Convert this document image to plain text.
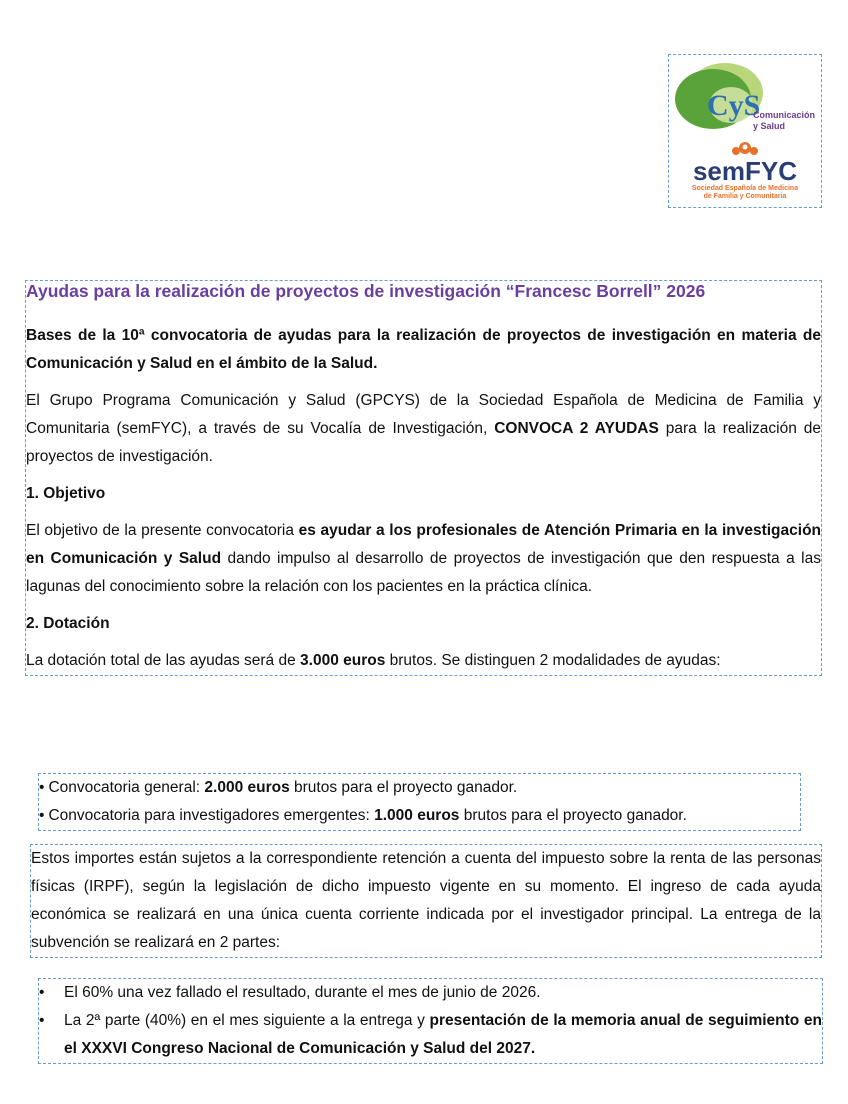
CyS
Comunicación
y Salud
semFYC
Sociedad Española de Medicina
de Familia y Comunitaria
Ayudas para la realización de proyectos de investigación “Francesc Borrell” 2026

Bases de la 10ª convocatoria de ayudas para la realización de proyectos de investigación en materia de Comunicación y Salud en el ámbito de la Salud.

El Grupo Programa Comunicación y Salud (GPCYS) de la Sociedad Española de Medicina de Familia y Comunitaria (semFYC), a través de su Vocalía de Investigación, CONVOCA 2 AYUDAS para la realización de proyectos de investigación.

1. Objetivo

El objetivo de la presente convocatoria es ayudar a los profesionales de Atención Primaria en la investigación en Comunicación y Salud dando impulso al desarrollo de proyectos de investigación que den respuesta a las lagunas del conocimiento sobre la relación con los pacientes en la práctica clínica.

2. Dotación

La dotación total de las ayudas será de 3.000 euros brutos. Se distinguen 2 modalidades de ayudas:

• Convocatoria general: 2.000 euros brutos para el proyecto ganador.
• Convocatoria para investigadores emergentes: 1.000 euros brutos para el proyecto ganador.

Estos importes están sujetos a la correspondiente retención a cuenta del impuesto sobre la renta de las personas físicas (IRPF), según la legislación de dicho impuesto vigente en su momento. El ingreso de cada ayuda económica se realizará en una única cuenta corriente indicada por el investigador principal. La entrega de la subvención se realizará en 2 partes:

• El 60% una vez fallado el resultado, durante el mes de junio de 2026.
• La 2ª parte (40%) en el mes siguiente a la entrega y presentación de la memoria anual de seguimiento en el XXXVI Congreso Nacional de Comunicación y Salud del 2027.
